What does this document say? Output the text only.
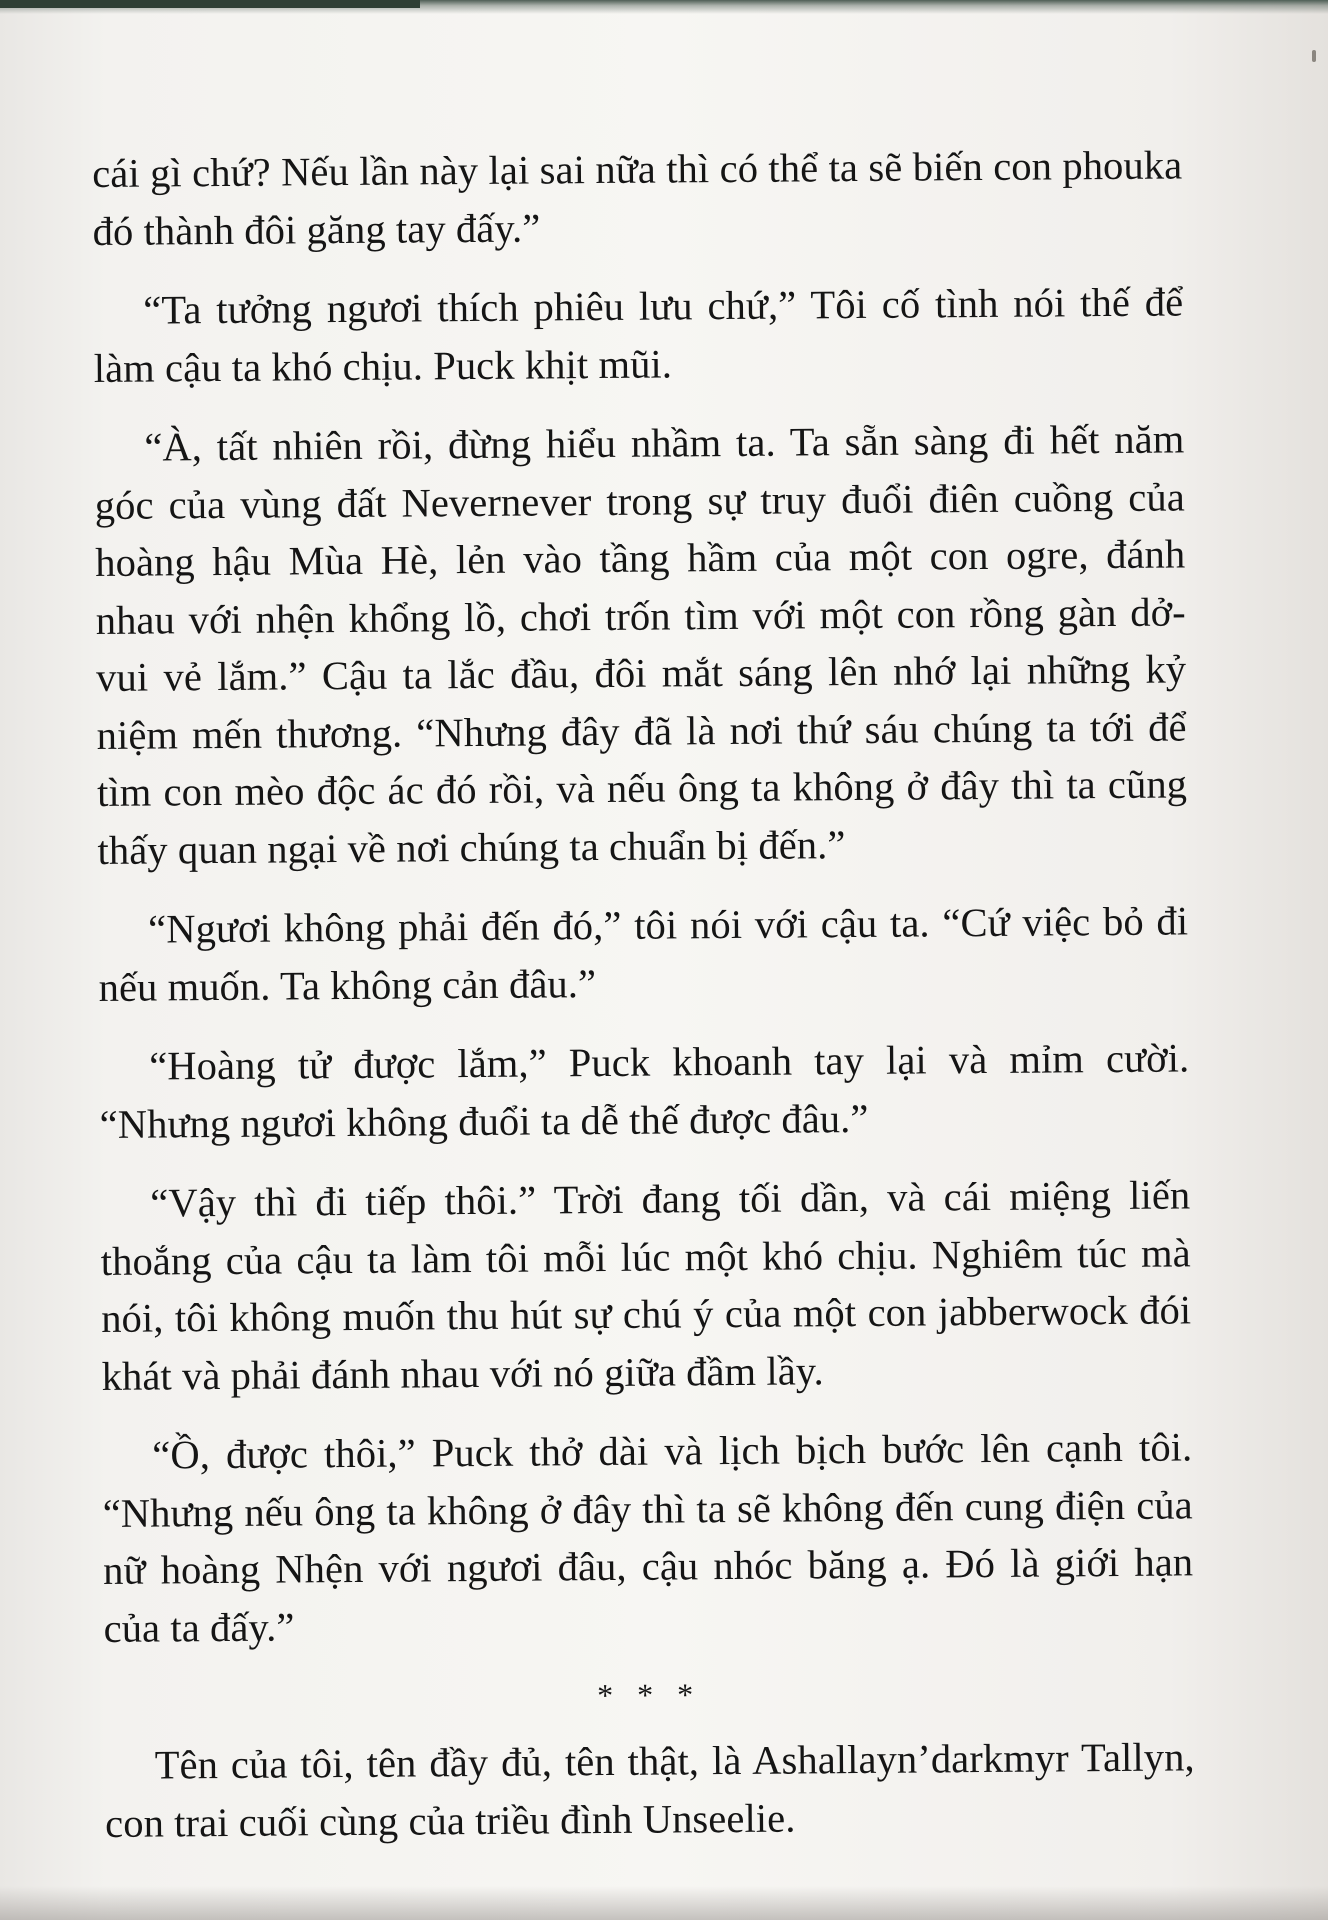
cái gì chứ? Nếu lần này lại sai nữa thì có thể ta sẽ biến con phouka đó thành đôi găng tay đấy.”

“Ta tưởng ngươi thích phiêu lưu chứ,” Tôi cố tình nói thế để làm cậu ta khó chịu. Puck khịt mũi.

“À, tất nhiên rồi, đừng hiểu nhầm ta. Ta sẵn sàng đi hết năm góc của vùng đất Nevernever trong sự truy đuổi điên cuồng của hoàng hậu Mùa Hè, lẻn vào tầng hầm của một con ogre, đánh nhau với nhện khổng lồ, chơi trốn tìm với một con rồng gàn dở-vui vẻ lắm.” Cậu ta lắc đầu, đôi mắt sáng lên nhớ lại những kỷ niệm mến thương. “Nhưng đây đã là nơi thứ sáu chúng ta tới để tìm con mèo độc ác đó rồi, và nếu ông ta không ở đây thì ta cũng thấy quan ngại về nơi chúng ta chuẩn bị đến.”

“Ngươi không phải đến đó,” tôi nói với cậu ta. “Cứ việc bỏ đi nếu muốn. Ta không cản đâu.”

“Hoàng tử được lắm,” Puck khoanh tay lại và mỉm cười. “Nhưng ngươi không đuổi ta dễ thế được đâu.”

“Vậy thì đi tiếp thôi.” Trời đang tối dần, và cái miệng liến thoắng của cậu ta làm tôi mỗi lúc một khó chịu. Nghiêm túc mà nói, tôi không muốn thu hút sự chú ý của một con jabberwock đói khát và phải đánh nhau với nó giữa đầm lầy.

“Ồ, được thôi,” Puck thở dài và lịch bịch bước lên cạnh tôi. “Nhưng nếu ông ta không ở đây thì ta sẽ không đến cung điện của nữ hoàng Nhện với ngươi đâu, cậu nhóc băng ạ. Đó là giới hạn của ta đấy.”

* * *

Tên của tôi, tên đầy đủ, tên thật, là Ashallayn’darkmyr Tallyn, con trai cuối cùng của triều đình Unseelie.
